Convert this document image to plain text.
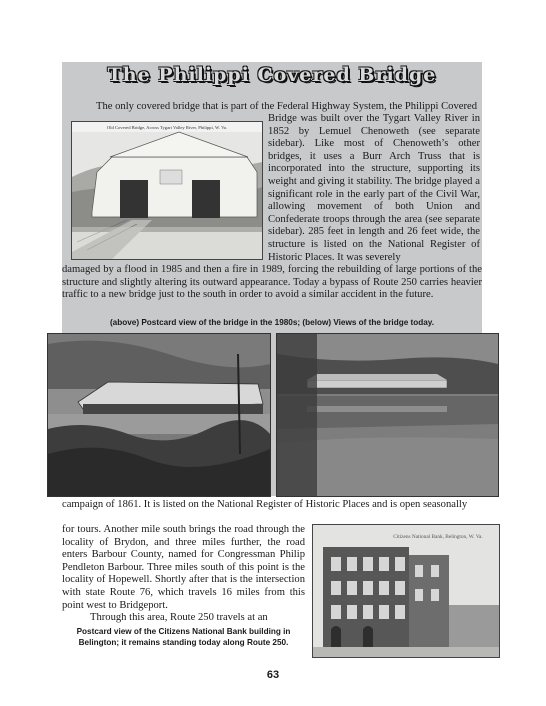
The Philippi Covered Bridge

The only covered bridge that is part of the Federal Highway System, the Philippi Covered

Old Covered Bridge, Across Tygart Valley River, Philippi, W. Va.

Bridge was built over the Tygart Valley River in 1852 by Lemuel Chenoweth (see separate sidebar). Like most of Chenoweth’s other bridges, it uses a Burr Arch Truss that is incorporated into the structure, supporting its weight and giving it stability. The bridge played a significant role in the early part of the Civil War, allowing movement of both Union and Confederate troops through the area (see separate sidebar). 285 feet in length and 26 feet wide, the structure is listed on the National Register of Historic Places. It was severely

damaged by a flood in 1985 and then a fire in 1989, forcing the rebuilding of large portions of the structure and slightly altering its outward appearance. Today a bypass of Route 250 carries heavier traffic to a new bridge just to the south in order to avoid a similar accident in the future.

(above) Postcard view of the bridge in the 1980s; (below) Views of the bridge today.

campaign of 1861. It is listed on the National Register of Historic Places and is open seasonally

for tours. Another mile south brings the road through the locality of Brydon, and three miles further, the road enters Barbour County, named for Congressman Philip Pendleton Barbour. Three miles south of this point is the locality of Hopewell. Shortly after that is the intersection with state Route 76, which travels 16 miles from this point west to Bridgeport.
Through this area, Route 250 travels at an

Citizens National Bank, Belington, W. Va.
Postcard view of the Citizens National Bank building in Belington; it remains standing today along Route 250.
63
